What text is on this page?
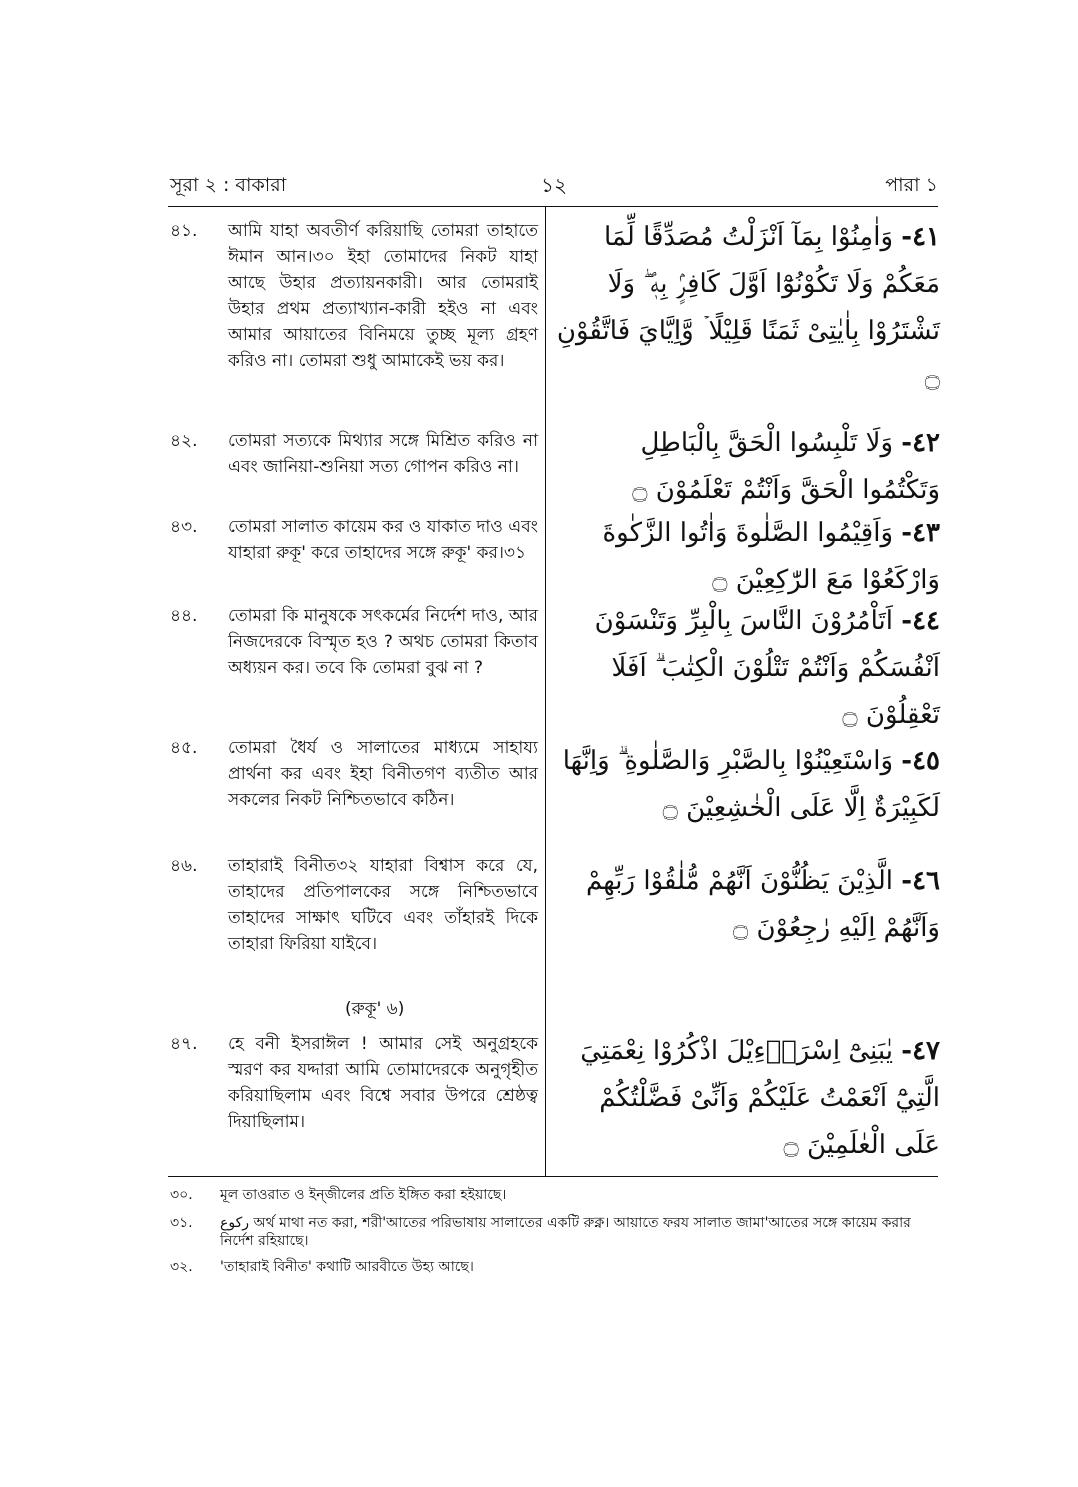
সূরা ২ : বাকারা	১২	পারা ১
৪১.	আমি যাহা অবতীর্ণ করিয়াছি তোমরা তাহাতে ঈমান আন।৩০ ইহা তোমাদের নিকট যাহা আছে উহার প্রত্যায়নকারী। আর তোমরাই উহার প্রথম প্রত্যাখ্যান-কারী হইও না এবং আমার আয়াতের বিনিময়ে তুচ্ছ মূল্য গ্রহণ করিও না। তোমরা শুধু আমাকেই ভয় কর।
৪২.	তোমরা সত্যকে মিথ্যার সঙ্গে মিশ্রিত করিও না এবং জানিয়া-শুনিয়া সত্য গোপন করিও না।
৪৩.	তোমরা সালাত কায়েম কর ও যাকাত দাও এবং যাহারা রুকূ' করে তাহাদের সঙ্গে রুকূ' কর।৩১
৪৪.	তোমরা কি মানুষকে সৎকর্মের নির্দেশ দাও, আর নিজদেরকে বিস্মৃত হও ? অথচ তোমরা কিতাব অধ্যয়ন কর। তবে কি তোমরা বুঝ না ?
৪৫.	তোমরা ধৈর্য ও সালাতের মাধ্যমে সাহায্য প্রার্থনা কর এবং ইহা বিনীতগণ ব্যতীত আর সকলের নিকট নিশ্চিতভাবে কঠিন।
৪৬.	তাহারাই বিনীত৩২ যাহারা বিশ্বাস করে যে, তাহাদের প্রতিপালকের সঙ্গে নিশ্চিতভাবে তাহাদের সাক্ষাৎ ঘটিবে এবং তাঁহারই দিকে তাহারা ফিরিয়া যাইবে।
(রুকূ' ৬)
৪৭.	হে বনী ইসরাঈল ! আমার সেই অনুগ্রহকে স্মরণ কর যদ্দারা আমি তোমাদেরকে অনুগৃহীত করিয়াছিলাম এবং বিশ্বে সবার উপরে শ্রেষ্ঠত্ব দিয়াছিলাম।
٤١- وَاٰمِنُوْا بِمَآ اَنْزَلْتُ مُصَدِّقًا لِّمَا مَعَكُمْ وَلَا تَكُوْنُوْٓا اَوَّلَ كَافِرٍۢ بِهٖ ۖ وَلَا تَشْتَرُوْا بِاٰيٰتِىْ ثَمَنًا قَلِيْلًا ۡ وَّاِيَّايَ فَاتَّقُوْنِ ۝
٤٢- وَلَا تَلْبِسُوا الْحَقَّ بِالْبَاطِلِ وَتَكْتُمُوا الْحَقَّ وَاَنْتُمْ تَعْلَمُوْنَ ۝
٤٣- وَاَقِيْمُوا الصَّلٰوةَ وَاٰتُوا الزَّكٰوةَ وَارْكَعُوْا مَعَ الرّٰكِعِيْنَ ۝
٤٤- اَتَاْمُرُوْنَ النَّاسَ بِالْبِرِّ وَتَنْسَوْنَ اَنْفُسَكُمْ وَاَنْتُمْ تَتْلُوْنَ الْكِتٰبَ ۗ اَفَلَا تَعْقِلُوْنَ ۝
٤٥- وَاسْتَعِيْنُوْا بِالصَّبْرِ وَالصَّلٰوةِ ۗ وَاِنَّهَا لَكَبِيْرَةٌ اِلَّا عَلَى الْخٰشِعِيْنَ ۝
٤٦- الَّذِيْنَ يَظُنُّوْنَ اَنَّهُمْ مُّلٰقُوْا رَبِّهِمْ وَاَنَّهُمْ اِلَيْهِ رٰجِعُوْنَ ۝
٤٧- يٰبَنِىْٓ اِسْرَاۗءِيْلَ اذْكُرُوْا نِعْمَتِيَ الَّتِيْٓ اَنْعَمْتُ عَلَيْكُمْ وَاَنِّىْ فَضَّلْتُكُمْ عَلَى الْعٰلَمِيْنَ ۝
৩০.	মূল তাওরাত ও ইন্জীলের প্রতি ইঙ্গিত করা হইয়াছে।
৩১.	ركوع অর্থ মাথা নত করা, শরী'আতের পরিভাষায় সালাতের একটি রুক্ন। আয়াতে ফরয সালাত জামা'আতের সঙ্গে কায়েম করার নির্দেশ রহিয়াছে।
৩২.	'তাহারাই বিনীত' কথাটি আরবীতে উহ্য আছে।
